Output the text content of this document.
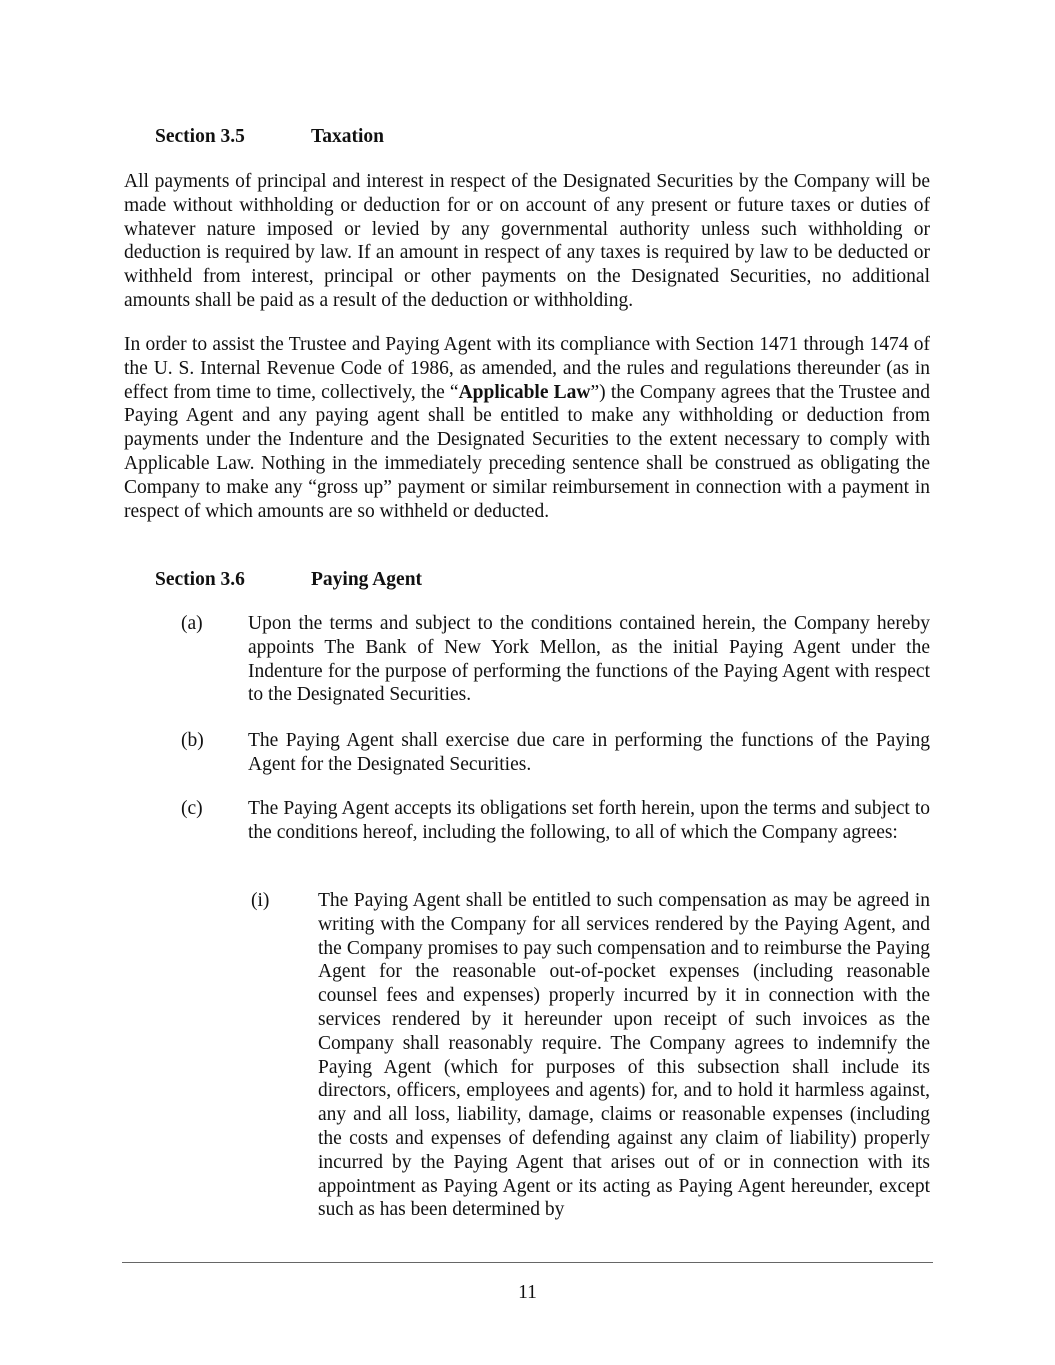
Section 3.5	Taxation

All payments of principal and interest in respect of the Designated Securities by the Company will be made without withholding or deduction for or on account of any present or future taxes or duties of whatever nature imposed or levied by any governmental authority unless such withholding or deduction is required by law. If an amount in respect of any taxes is required by law to be deducted or withheld from interest, principal or other payments on the Designated Securities, no additional amounts shall be paid as a result of the deduction or withholding.

In order to assist the Trustee and Paying Agent with its compliance with Section 1471 through 1474 of the U. S. Internal Revenue Code of 1986, as amended, and the rules and regulations thereunder (as in effect from time to time, collectively, the “Applicable Law”) the Company agrees that the Trustee and Paying Agent and any paying agent shall be entitled to make any withholding or deduction from payments under the Indenture and the Designated Securities to the extent necessary to comply with Applicable Law. Nothing in the immediately preceding sentence shall be construed as obligating the Company to make any “gross up” payment or similar reimbursement in connection with a payment in respect of which amounts are so withheld or deducted.

Section 3.6	Paying Agent
(a) Upon the terms and subject to the conditions contained herein, the Company hereby appoints The Bank of New York Mellon, as the initial Paying Agent under the Indenture for the purpose of performing the functions of the Paying Agent with respect to the Designated Securities.
(b) The Paying Agent shall exercise due care in performing the functions of the Paying Agent for the Designated Securities.
(c) The Paying Agent accepts its obligations set forth herein, upon the terms and subject to the conditions hereof, including the following, to all of which the Company agrees:
(i) The Paying Agent shall be entitled to such compensation as may be agreed in writing with the Company for all services rendered by the Paying Agent, and the Company promises to pay such compensation and to reimburse the Paying Agent for the reasonable out-of-pocket expenses (including reasonable counsel fees and expenses) properly incurred by it in connection with the services rendered by it hereunder upon receipt of such invoices as the Company shall reasonably require. The Company agrees to indemnify the Paying Agent (which for purposes of this subsection shall include its directors, officers, employees and agents) for, and to hold it harmless against, any and all loss, liability, damage, claims or reasonable expenses (including the costs and expenses of defending against any claim of liability) properly incurred by the Paying Agent that arises out of or in connection with its appointment as Paying Agent or its acting as Paying Agent hereunder, except such as has been determined by
11
